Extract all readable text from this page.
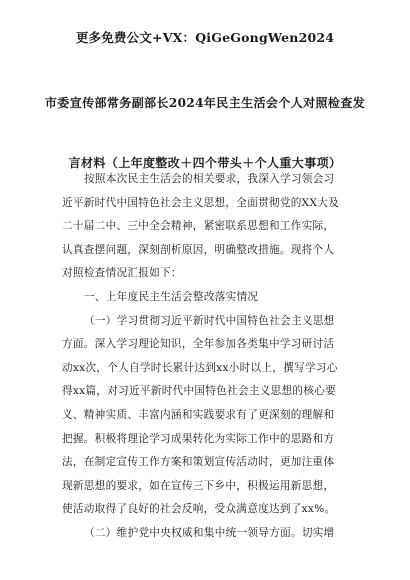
更多免费公文+VX：QiGeGongWen2024
市委宣传部常务副部长2024年民主生活会个人对照检查发
言材料（上年度整改＋四个带头＋个人重大事项）
按照本次民主生活会的相关要求，我深入学习领会习
近平新时代中国特色社会主义思想，全面贯彻党的XX大及
二十届二中、三中全会精神，紧密联系思想和工作实际，
认真查摆问题，深刻剖析原因，明确整改措施。现将个人
对照检查情况汇报如下：
一、上年度民主生活会整改落实情况
（一）学习贯彻习近平新时代中国特色社会主义思想
方面。深入学习理论知识，全年参加各类集中学习研讨活
动xx次，个人自学时长累计达到xx小时以上，撰写学习心
得xx篇，对习近平新时代中国特色社会主义思想的核心要
义、精神实质、丰富内涵和实践要求有了更深刻的理解和
把握。积极将理论学习成果转化为实际工作中的思路和方
法，在制定宣传工作方案和策划宣传活动时，更加注重体
现新思想的要求，如在宣传三下乡中，积极运用新思想，
使活动取得了良好的社会反响，受众满意度达到了xx%。
（二）维护党中央权威和集中统一领导方面。切实增
